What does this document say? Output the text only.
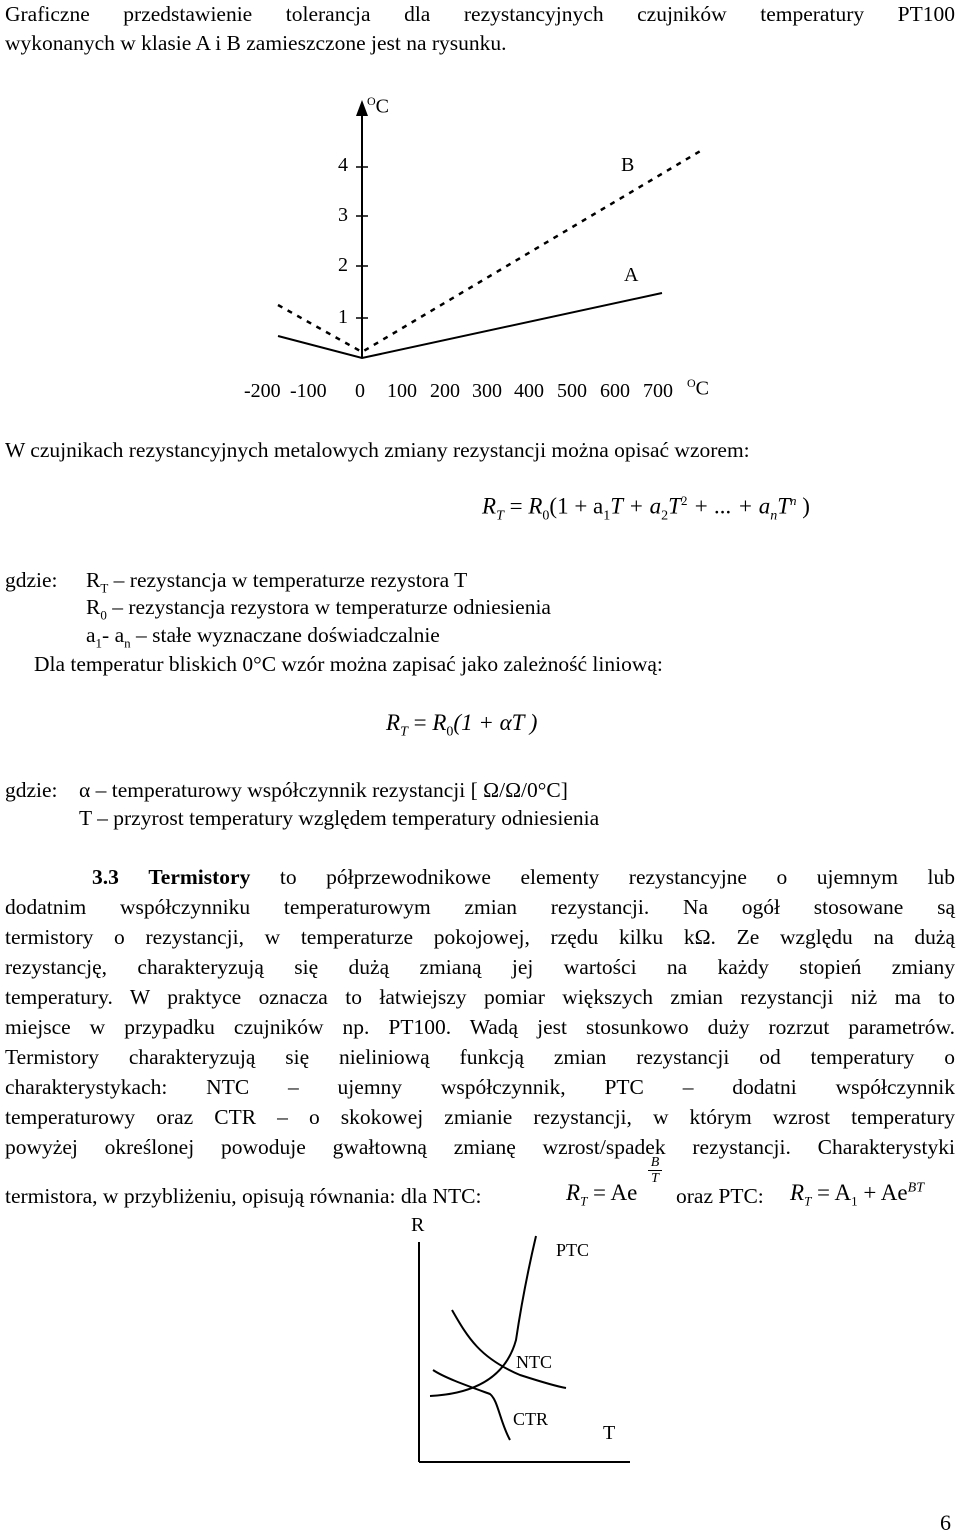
Graficzne przedstawienie tolerancja dla rezystancyjnych czujników temperatury PT100
wykonanych w klasie A i B zamieszczone jest na rysunku.
$^O$C
4
3
2
1
B
A
-200 -100 0 100 200 300 400 500 600 700 $^O$C
W czujnikach rezystancyjnych metalowych zmiany rezystancji można opisać wzorem:
$R_T = R_0(1 + a_1T + a_2T^2$ + ... + $a_nT^n$ )
gdzie: $R_T$ – rezystancja w temperaturze rezystora T
$R_0$ – rezystancja rezystora w temperaturze odniesienia
$a_1-$ $a_n$ – stałe wyznaczane doświadczalnie
Dla temperatur bliskich 0°C wzór można zapisać jako zależność liniową:
$R_T = R_0(1 + \alpha T$ )
gdzie: α – temperaturowy współczynnik rezystancji [ Ω/Ω/0°C]
T – przyrost temperatury względem temperatury odniesienia
3.3 Termistory to półprzewodnikowe elementy rezystancyjne o ujemnym lub
dodatnim współczynniku temperaturowym zmian rezystancji. Na ogół stosowane są
termistory o rezystancji, w temperaturze pokojowej, rzędu kilku kΩ. Ze względu na dużą
rezystancję, charakteryzują się dużą zmianą jej wartości na każdy stopień zmiany
temperatury. W praktyce oznacza to łatwiejszy pomiar większych zmian rezystancji niż ma to
miejsce w przypadku czujników np. PT100. Wadą jest stosunkowo duży rozrzut parametrów.
Termistory charakteryzują się nieliniową funkcją zmian rezystancji od temperatury o
charakterystykach: NTC – ujemny współczynnik, PTC – dodatni współczynnik
temperaturowy oraz CTR – o skokowej zmianie rezystancji, w którym wzrost temperatury
powyżej określonej powoduje gwałtowną zmianę wzrost/spadek rezystancji. Charakterystyki
termistora, w przybliżeniu, opisują równania: dla NTC:	$R_T = Ae$
B
T
oraz PTC: $R_T = A_1 + Ae^{BT}$
R
PTC
NTC
CTR
T
6
